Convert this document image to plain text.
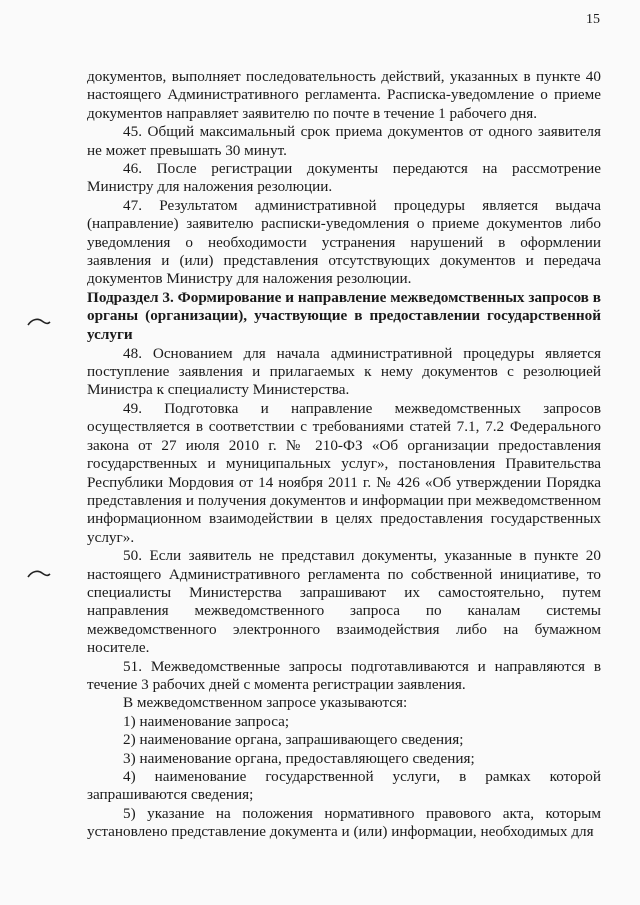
15

документов, выполняет последовательность действий, указанных в пункте 40 настоящего Административного регламента. Расписка-уведомление о приеме документов направляет заявителю по почте в течение 1 рабочего дня.

45. Общий максимальный срок приема документов от одного заявителя не может превышать 30 минут.

46. После регистрации документы передаются на рассмотрение Министру для наложения резолюции.

47. Результатом административной процедуры является выдача (направление) заявителю расписки-уведомления о приеме документов либо уведомления о необходимости устранения нарушений в оформлении заявления и (или) представления отсутствующих документов и передача документов Министру для наложения резолюции.

Подраздел 3. Формирование и направление межведомственных запросов в органы (организации), участвующие в предоставлении государственной услуги

48. Основанием для начала административной процедуры является поступление заявления и прилагаемых к нему документов с резолюцией Министра к специалисту Министерства.

49. Подготовка и направление межведомственных запросов осуществляется в соответствии с требованиями статей 7.1, 7.2 Федерального закона от 27 июля 2010 г. № 210-ФЗ «Об организации предоставления государственных и муниципальных услуг», постановления Правительства Республики Мордовия от 14 ноября 2011 г. № 426 «Об утверждении Порядка представления и получения документов и информации при межведомственном информационном взаимодействии в целях предоставления государственных услуг».

50. Если заявитель не представил документы, указанные в пункте 20 настоящего Административного регламента по собственной инициативе, то специалисты Министерства запрашивают их самостоятельно, путем направления межведомственного запроса по каналам системы межведомственного электронного взаимодействия либо на бумажном носителе.

51. Межведомственные запросы подготавливаются и направляются в течение 3 рабочих дней с момента регистрации заявления.

В межведомственном запросе указываются:

1) наименование запроса;

2) наименование органа, запрашивающего сведения;

3) наименование органа, предоставляющего сведения;

4) наименование государственной услуги, в рамках которой запрашиваются сведения;

5) указание на положения нормативного правового акта, которым установлено представление документа и (или) информации, необходимых для
